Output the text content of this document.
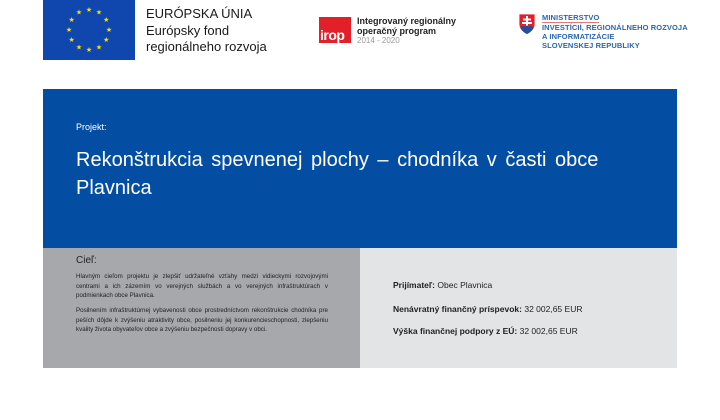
★ ★
★
★
★
★
★
★
★
★
★
★	EURÓPSKA ÚNIA
Európsky fond
regionálneho rozvoja
irop
Integrovaný regionálny
operačný program
2014 - 2020
MINISTERSTVO
INVESTÍCIÍ, REGIONÁLNEHO ROZVOJA
A INFORMATIZÁCIE
SLOVENSKEJ REPUBLIKY
Projekt:
Rekonštrukcia spevnenej plochy – chodníka v časti obce Plavnica
Cieľ:
Hlavným cieľom projektu je zlepšiť udržateľné vzťahy medzi vidieckymi rozvojovými centrami a ich zázemím vo verejných službách a vo verejných infraštruktúrach v podmienkach obce Plavnica.
Posilnením infraštruktúrnej vybavenosti obce prostredníctvom rekonštrukcie chodníka pre peších dôjde k zvýšeniu atraktivity obce, posilneniu jej konkurencieschopnosti, zlepšeniu kvality života obyvateľov obce a zvýšeniu bezpečnosti dopravy v obci.
Prijímateľ: Obec Plavnica
Nenávratný finančný príspevok: 32 002,65 EUR
Výška finančnej podpory z EÚ: 32 002,65 EUR
